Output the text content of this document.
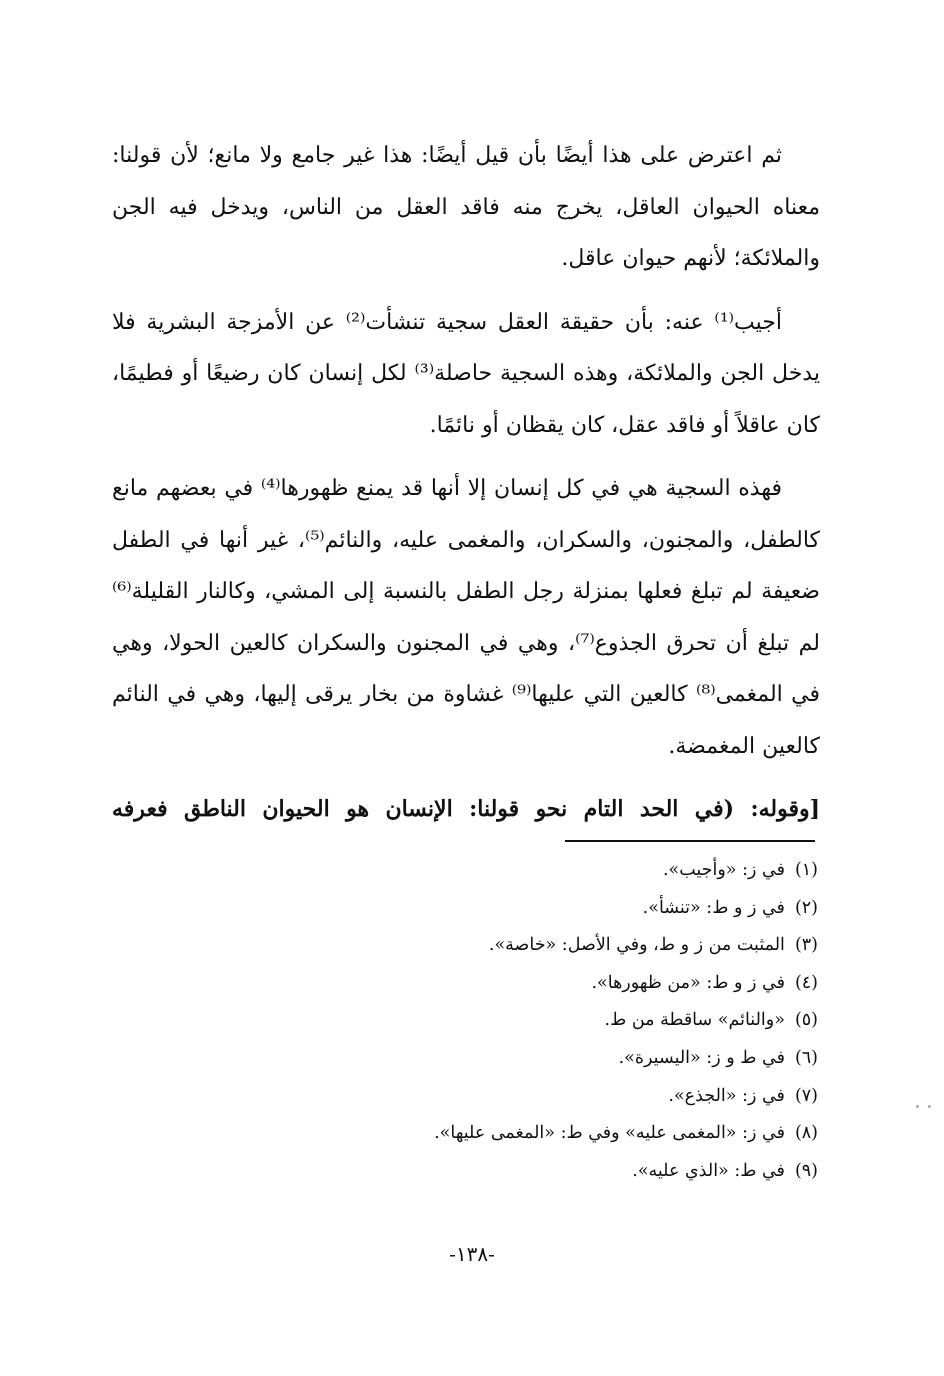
ثم اعترض على هذا أيضًا بأن قيل أيضًا: هذا غير جامع ولا مانع؛ لأن قولنا: معناه الحيوان العاقل، يخرج منه فاقد العقل من الناس، ويدخل فيه الجن والملائكة؛ لأنهم حيوان عاقل.

أجيب⁽¹⁾ عنه: بأن حقيقة العقل سجية تنشأت⁽²⁾ عن الأمزجة البشرية فلا يدخل الجن والملائكة، وهذه السجية حاصلة⁽³⁾ لكل إنسان كان رضيعًا أو فطيمًا، كان عاقلاً أو فاقد عقل، كان يقظان أو نائمًا.

فهذه السجية هي في كل إنسان إلا أنها قد يمنع ظهورها⁽⁴⁾ في بعضهم مانع كالطفل، والمجنون، والسكران، والمغمى عليه، والنائم⁽⁵⁾، غير أنها في الطفل ضعيفة لم تبلغ فعلها بمنزلة رجل الطفل بالنسبة إلى المشي، وكالنار القليلة⁽⁶⁾ لم تبلغ أن تحرق الجذوع⁽⁷⁾، وهي في المجنون والسكران كالعين الحولا، وهي في المغمى⁽⁸⁾ كالعين التي عليها⁽⁹⁾ غشاوة من بخار يرقى إليها، وهي في النائم كالعين المغمضة.

[وقوله: (في الحد التام نحو قولنا: الإنسان هو الحيوان الناطق فعرفه

(١)في ز: «وأجيب».
(٢)في ز و ط: «تنشأ».
(٣)المثبت من ز و ط، وفي الأصل: «خاصة».
(٤)في ز و ط: «من ظهورها».
(٥)«والنائم» ساقطة من ط.
(٦)في ط و ز: «اليسيرة».
(٧)في ز: «الجذع».
(٨)في ز: «المغمى عليه» وفي ط: «المغمى عليها».
(٩)في ط: «الذي عليه».
-١٣٨-
